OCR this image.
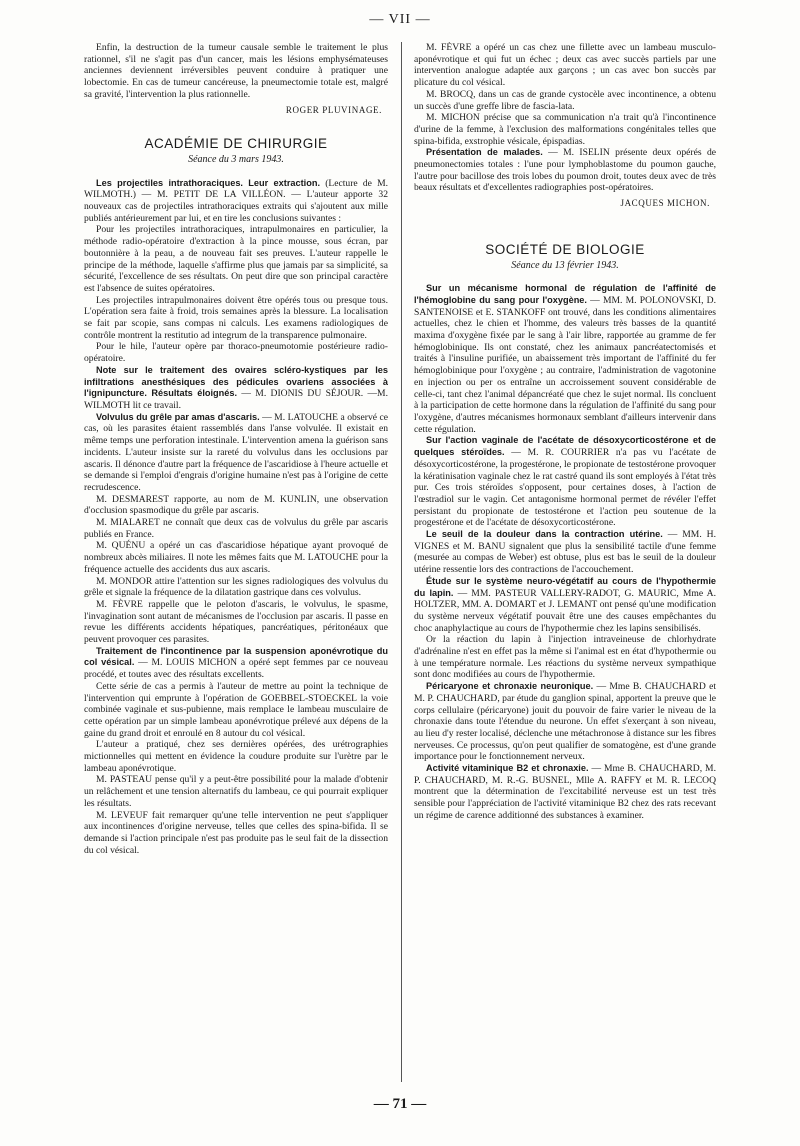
— VII —

Enfin, la destruction de la tumeur causale semble le traitement le plus rationnel, s'il ne s'agit pas d'un cancer, mais les lésions emphysémateuses anciennes deviennent irréversibles peuvent conduire à pratiquer une lobectomie. En cas de tumeur cancéreuse, la pneumectomie totale est, malgré sa gravité, l'intervention la plus rationnelle.

ROGER PLUVINAGE.

ACADÉMIE DE CHIRURGIE

Séance du 3 mars 1943.

Les projectiles intrathoraciques. Leur extraction. (Lecture de M. WILMOTH.) — M. PETIT DE LA VILLÉON. — L'auteur apporte 32 nouveaux cas de projectiles intrathoraciques extraits qui s'ajoutent aux mille publiés antérieurement par lui, et en tire les conclusions suivantes :

Pour les projectiles intrathoraciques, intrapulmonaires en particulier, la méthode radio-opératoire d'extraction à la pince mousse, sous écran, par boutonnière à la peau, a de nouveau fait ses preuves. L'auteur rappelle le principe de la méthode, laquelle s'affirme plus que jamais par sa simplicité, sa sécurité, l'excellence de ses résultats. On peut dire que son principal caractère est l'absence de suites opératoires.

Les projectiles intrapulmonaires doivent être opérés tous ou presque tous. L'opération sera faite à froid, trois semaines après la blessure. La localisation se fait par scopie, sans compas ni calculs. Les examens radiologiques de contrôle montrent la restitutio ad integrum de la transparence pulmonaire.

Pour le hile, l'auteur opère par thoraco-pneumotomie postérieure radio-opératoire.

Note sur le traitement des ovaires scléro-kystiques par les infiltrations anesthésiques des pédicules ovariens associées à l'ignipuncture. Résultats éloignés. — M. DIONIS DU SÉJOUR. —M. WILMOTH lit ce travail.

Volvulus du grêle par amas d'ascaris. — M. LATOUCHE a observé ce cas, où les parasites étaient rassemblés dans l'anse volvulée. Il existait en même temps une perforation intestinale. L'intervention amena la guérison sans incidents. L'auteur insiste sur la rareté du volvulus dans les occlusions par ascaris. Il dénonce d'autre part la fréquence de l'ascaridiose à l'heure actuelle et se demande si l'emploi d'engrais d'origine humaine n'est pas à l'origine de cette recrudescence.

M. DESMAREST rapporte, au nom de M. KUNLIN, une observation d'occlusion spasmodique du grêle par ascaris.

M. MIALARET ne connaît que deux cas de volvulus du grêle par ascaris publiés en France.

M. QUÉNU a opéré un cas d'ascaridiose hépatique ayant provoqué de nombreux abcès miliaires. Il note les mêmes faits que M. LATOUCHE pour la fréquence actuelle des accidents dus aux ascaris.

M. MONDOR attire l'attention sur les signes radiologiques des volvulus du grêle et signale la fréquence de la dilatation gastrique dans ces volvulus.

M. FÈVRE rappelle que le peloton d'ascaris, le volvulus, le spasme, l'invagination sont autant de mécanismes de l'occlusion par ascaris. Il passe en revue les différents accidents hépatiques, pancréatiques, péritonéaux que peuvent provoquer ces parasites.

Traitement de l'incontinence par la suspension aponévrotique du col vésical. — M. LOUIS MICHON a opéré sept femmes par ce nouveau procédé, et toutes avec des résultats excellents.

Cette série de cas a permis à l'auteur de mettre au point la technique de l'intervention qui emprunte à l'opération de GOEBBEL-STOECKEL la voie combinée vaginale et sus-pubienne, mais remplace le lambeau musculaire de cette opération par un simple lambeau aponévrotique prélevé aux dépens de la gaine du grand droit et enroulé en 8 autour du col vésical.

L'auteur a pratiqué, chez ses dernières opérées, des urétrographies mictionnelles qui mettent en évidence la coudure produite sur l'urètre par le lambeau aponévrotique.

M. PASTEAU pense qu'il y a peut-être possibilité pour la malade d'obtenir un relâchement et une tension alternatifs du lambeau, ce qui pourrait expliquer les résultats.

M. LEVEUF fait remarquer qu'une telle intervention ne peut s'appliquer aux incontinences d'origine nerveuse, telles que celles des spina-bifida. Il se demande si l'action principale n'est pas produite pas le seul fait de la dissection du col vésical.

M. FÈVRE a opéré un cas chez une fillette avec un lambeau musculo-aponévrotique et qui fut un échec ; deux cas avec succès partiels par une intervention analogue adaptée aux garçons ; un cas avec bon succès par plicature du col vésical.

M. BROCQ, dans un cas de grande cystocèle avec incontinence, a obtenu un succès d'une greffe libre de fascia-lata.

M. MICHON précise que sa communication n'a trait qu'à l'incontinence d'urine de la femme, à l'exclusion des malformations congénitales telles que spina-bifida, exstrophie vésicale, épispadias.

Présentation de malades. — M. ISELIN présente deux opérés de pneumonectomies totales : l'une pour lymphoblastome du poumon gauche, l'autre pour bacillose des trois lobes du poumon droit, toutes deux avec de très beaux résultats et d'excellentes radiographies post-opératoires.

JACQUES MICHON.

SOCIÉTÉ DE BIOLOGIE

Séance du 13 février 1943.

Sur un mécanisme hormonal de régulation de l'affinité de l'hémoglobine du sang pour l'oxygène. — MM. M. POLONOVSKI, D. SANTENOISE et E. STANKOFF ont trouvé, dans les conditions alimentaires actuelles, chez le chien et l'homme, des valeurs très basses de la quantité maxima d'oxygène fixée par le sang à l'air libre, rapportée au gramme de fer hémoglobinique. Ils ont constaté, chez les animaux pancréatectomisés et traités à l'insuline purifiée, un abaissement très important de l'affinité du fer hémoglobinique pour l'oxygène ; au contraire, l'administration de vagotonine en injection ou per os entraîne un accroissement souvent considérable de celle-ci, tant chez l'animal dépancréaté que chez le sujet normal. Ils concluent à la participation de cette hormone dans la régulation de l'affinité du sang pour l'oxygène, d'autres mécanismes hormonaux semblant d'ailleurs intervenir dans cette régulation.

Sur l'action vaginale de l'acétate de désoxycorticostérone et de quelques stéroïdes. — M. R. COURRIER n'a pas vu l'acétate de désoxycorticostérone, la progestérone, le propionate de testostérone provoquer la kératinisation vaginale chez le rat castré quand ils sont employés à l'état très pur. Ces trois stéroïdes s'opposent, pour certaines doses, à l'action de l'œstradiol sur le vagin. Cet antagonisme hormonal permet de révéler l'effet persistant du propionate de testostérone et l'action peu soutenue de la progestérone et de l'acétate de désoxycorticostérone.

Le seuil de la douleur dans la contraction utérine. — MM. H. VIGNES et M. BANU signalent que plus la sensibilité tactile d'une femme (mesurée au compas de Weber) est obtuse, plus est bas le seuil de la douleur utérine ressentie lors des contractions de l'accouchement.

Étude sur le système neuro-végétatif au cours de l'hypothermie du lapin. — MM. PASTEUR VALLERY-RADOT, G. MAURIC, Mme A. HOLTZER, MM. A. DOMART et J. LEMANT ont pensé qu'une modification du système nerveux végétatif pouvait être une des causes empêchantes du choc anaphylactique au cours de l'hypothermie chez les lapins sensibilisés.

Or la réaction du lapin à l'injection intraveineuse de chlorhydrate d'adrénaline n'est en effet pas la même si l'animal est en état d'hypothermie ou à une température normale. Les réactions du système nerveux sympathique sont donc modifiées au cours de l'hypothermie.

Péricaryone et chronaxie neuronique. — Mme B. CHAUCHARD et M. P. CHAUCHARD, par étude du ganglion spinal, apportent la preuve que le corps cellulaire (péricaryone) jouit du pouvoir de faire varier le niveau de la chronaxie dans toute l'étendue du neurone. Un effet s'exerçant à son niveau, au lieu d'y rester localisé, déclenche une métachronose à distance sur les fibres nerveuses. Ce processus, qu'on peut qualifier de somatogène, est d'une grande importance pour le fonctionnement nerveux.

Activité vitaminique B2 et chronaxie. — Mme B. CHAUCHARD, M. P. CHAUCHARD, M. R.-G. BUSNEL, Mlle A. RAFFY et M. R. LECOQ montrent que la détermination de l'excitabilité nerveuse est un test très sensible pour l'appréciation de l'activité vitaminique B2 chez des rats recevant un régime de carence additionné des substances à examiner.

— 71 —
